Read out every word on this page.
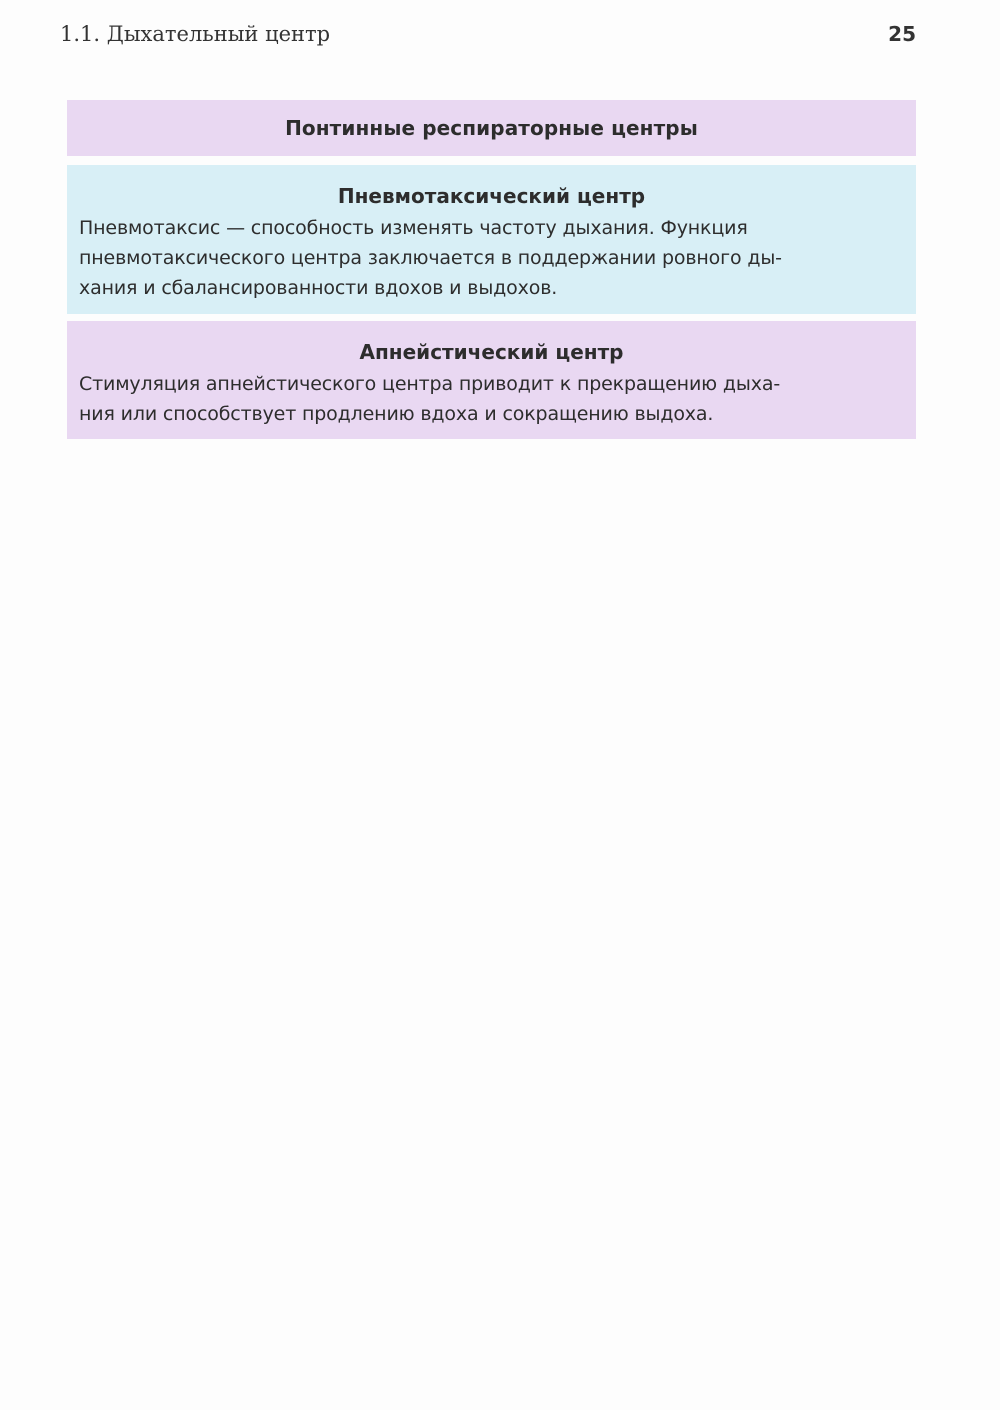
1.1. Дыхательный центр	25
Понтинные респираторные центры
Пневмотаксический центр
Пневмотаксис — способность изменять частоту дыхания. Функция
пневмотаксического центра заключается в поддержании ровного ды-
хания и сбалансированности вдохов и выдохов.
Апнейстический центр
Стимуляция апнейстического центра приводит к прекращению дыха-
ния или способствует продлению вдоха и сокращению выдоха.
